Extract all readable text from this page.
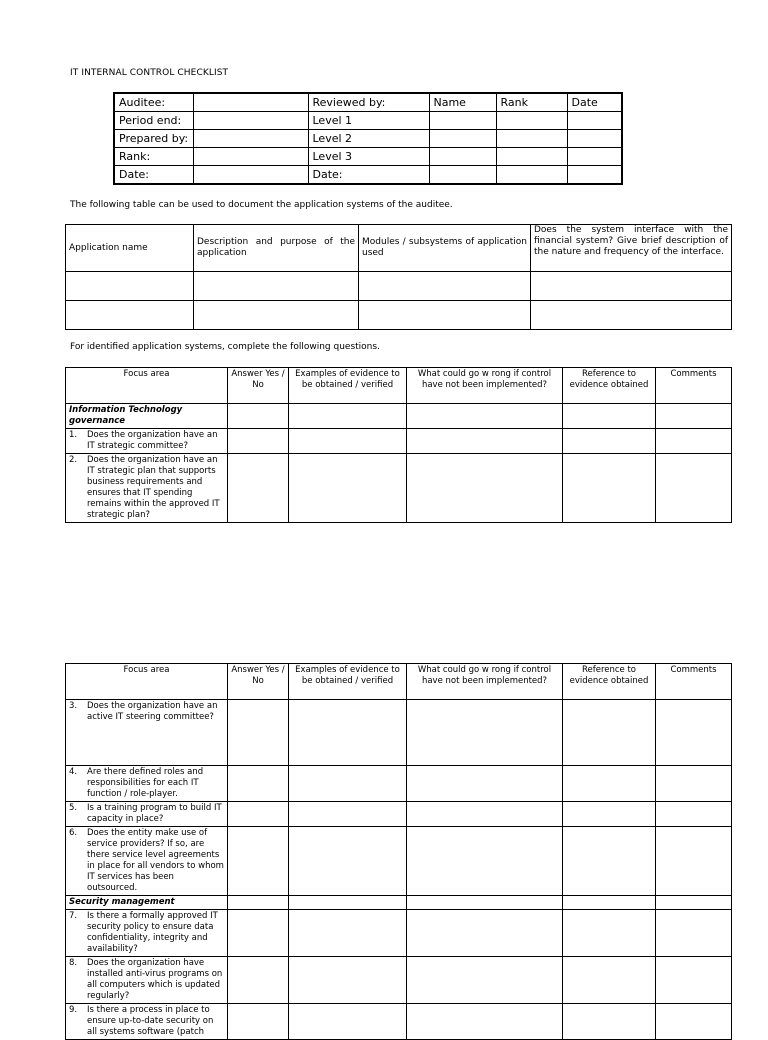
IT INTERNAL CONTROL CHECKLIST
Auditee:		Reviewed by:	Name	Rank	Date
Period end:		Level 1			
Prepared by:		Level 2			
Rank:		Level 3			
Date:		Date:			
The following table can be used to document the application systems of the auditee.
Application name	Description and purpose of the application	Modules / subsystems of application used	Does the system interface with the financial system? Give brief description of the nature and frequency of the interface.

For identified application systems, complete the following questions.
Focus area	Answer Yes / No	Examples of evidence to be obtained / verified	What could go w rong if control have not been implemented?	Reference to evidence obtained	Comments
Information Technology governance					

1. Does the organization have an IT strategic committee?					

2. Does the organization have an IT strategic plan that supports business requirements and ensures that IT spending remains within the approved IT strategic plan?					

Focus area	Answer Yes / No	Examples of evidence to be obtained / verified	What could go w rong if control have not been implemented?	Reference to evidence obtained	Comments

3. Does the organization have an active IT steering committee?					

4. Are there defined roles and responsibilities for each IT function / role-player.					

5. Is a training program to build IT capacity in place?					

6. Does the entity make use of service providers? If so, are there service level agreements in place for all vendors to whom IT services has been outsourced.					

Security management					

7. Is there a formally approved IT security policy to ensure data confidentiality, integrity and availability?					

8. Does the organization have installed anti-virus programs on all computers which is updated regularly?					

9. Is there a process in place to ensure up-to-date security on all systems software (patch					
